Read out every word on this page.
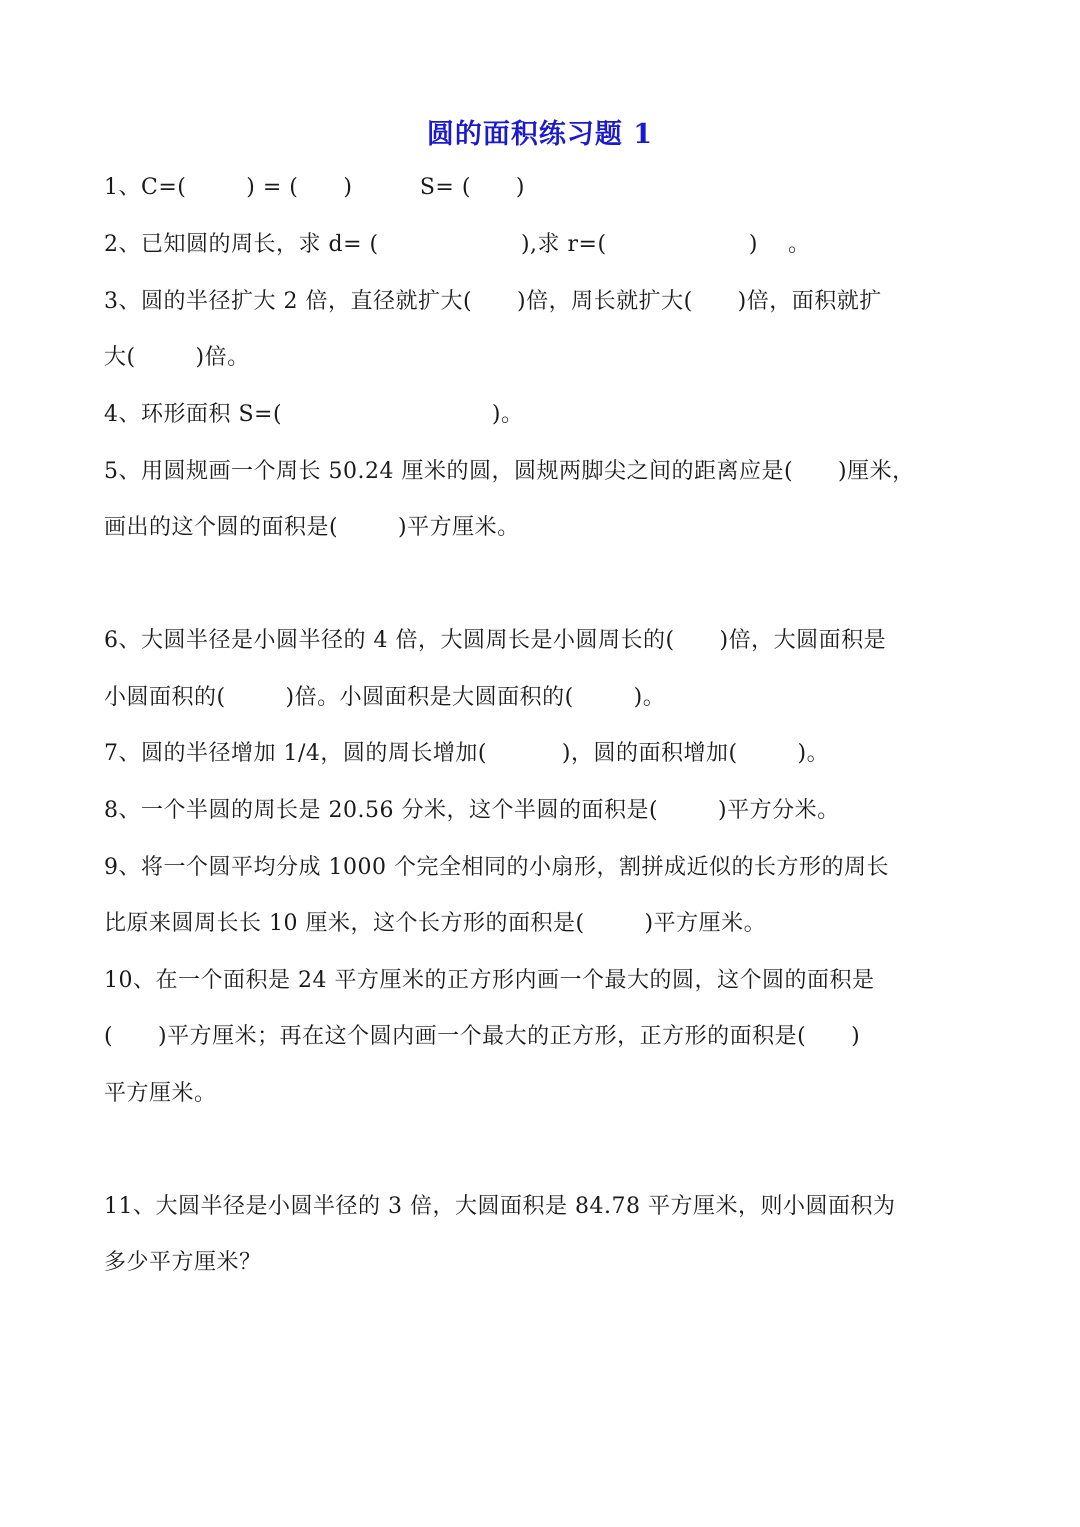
圆的面积练习题 1
1、C=(        ) = (      )         S= (      )
2、已知圆的周长，求 d= (                   ),求 r=(                   )    。
3、圆的半径扩大 2 倍，直径就扩大(      )倍，周长就扩大(      )倍，面积就扩
大(        )倍。
4、环形面积 S=(                            )。
5、用圆规画一个周长 50.24 厘米的圆，圆规两脚尖之间的距离应是(      )厘米，
画出的这个圆的面积是(        )平方厘米。
6、大圆半径是小圆半径的 4 倍，大圆周长是小圆周长的(      )倍，大圆面积是
小圆面积的(        )倍。小圆面积是大圆面积的(        )。
7、圆的半径增加 1/4，圆的周长增加(          )，圆的面积增加(        )。
8、一个半圆的周长是 20.56 分米，这个半圆的面积是(        )平方分米。
9、将一个圆平均分成 1000 个完全相同的小扇形，割拼成近似的长方形的周长
比原来圆周长长 10 厘米，这个长方形的面积是(        )平方厘米。
10、在一个面积是 24 平方厘米的正方形内画一个最大的圆，这个圆的面积是
(      )平方厘米；再在这个圆内画一个最大的正方形，正方形的面积是(      )
平方厘米。
11、大圆半径是小圆半径的 3 倍，大圆面积是 84.78 平方厘米，则小圆面积为
多少平方厘米？
